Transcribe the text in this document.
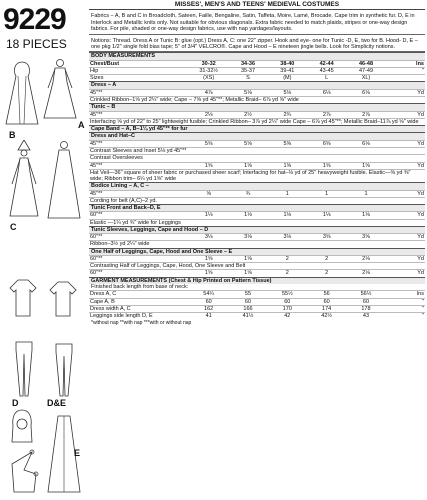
9229
18 PIECES
A
B
C
D	D&E
E
MISSES', MEN'S AND TEENS' MEDIEVAL COSTUMES
Fabrics – A, B and C in Broadcloth, Sateen, Faille, Bengaline, Satin, Taffeta, Moire, Lamé, Brocade. Cape trim in synthetic fur. D, E in Interlock and Metallic knits only. Not suitable for obvious diagonals. Extra fabric needed to match plaids, stripes or one-way design fabrics. For pile, shaded or one-way design fabrics, use with nap yardages/layouts.
Notions: Thread. Dress A or Tunic B: glue (opt.) Dress A, C: one 22" zipper. Hook and eye- one for Tunic -D, E, two for B. Hood- D, E – one pkg 1/2" single fold bias tape; 5" of 3/4" VELCRO®. Cape and Hood – E nineteen jingle bells. Look for Simplicity notions.
BODY MEASUREMENTS
Chest/Bust	30-32	34-36	38-40	42-44	46-48	Ins
Hip	31-32½	35-37	39-41	43-45	47-49	"
Sizes	(XS)	S	(M)	L	XL)	
Dress – A
45"**	4⅞	5⅛	5⅛	6⅛	6⅛	Yd
Crinkled Ribbon–1⅝ yd 2¼" wide; Cape – 7⅝ yd 45"**; Metallic Braid– 6⅞ yd ⅝" wide
Tunic – B
45"**	2⅛	2½	2¾	2⅞	2⅞	Yd
Interfacing ⅝ yd of 22" to 25" lightweight fusible; Crinkled Ribbon– 3⅞ yd 2¼" wide Cape – 6⅞ yd 45"**; Metallic Braid–11⅞ yd ⅝" wide
Cape Band – A, B–1⅛ yd 45"** for fur
Dress and Hat–C
45"**	5⅝	5⅝	5⅝	6⅝	6⅛	Yd
Contrast Sleeves and Inset 5⅛ yd 45"**						
Contrast Oversleeves						
45"**	1⅝	1⅝	1⅝	1⅝	1⅝	Yd
Hat Veil—36" square of sheer fabric or purchased sheer scarf; Interfacing for hat–⅛ yd of 25" heavyweight fusible. Elastic—⅜ yd ⅜" wide; Ribbon trim– 6¼ yd 1⅝" wide						
Bodice Lining – A, C –
45"**	⅝	¾	1	1	1	Yd
Cording for belt (A,C)–2 yd.
Tunic Front and Back–D, E
60"**	1⅛	1⅛	1⅛	1⅛	1⅛	Yd
Elastic —1¼ yd ¾" wide for Leggings
Tunic Sleeves, Leggings, Cape and Hood – D
60"**	3⅛	3⅛	3⅛	3⅝	3⅝	Yd
Ribbon–3½ yd 2¼" wide
One Half of Leggings, Cape, Hood and One Sleeve – E
60"**	1⅝	1⅝	2	2	2⅛	Yd
Contrasting Half of Leggings, Cape, Hood, One Sleeve and Belt						
60"**	1⅝	1⅝	2	2	2⅛	Yd
GARMENT MEASUREMENTS (Chest & Hip Printed on Pattern Tissue)
Finished back length from base of neck:
Dress A, C	54¼	55	55½	56	56½	Ins
Cape A, B	60	60	60	60	60	"
Dress width A, C	162	166	170	174	178	"
Leggings side length D, E	41	41½	42	42½	43	"
*without nap **with nap ***with or without nap
